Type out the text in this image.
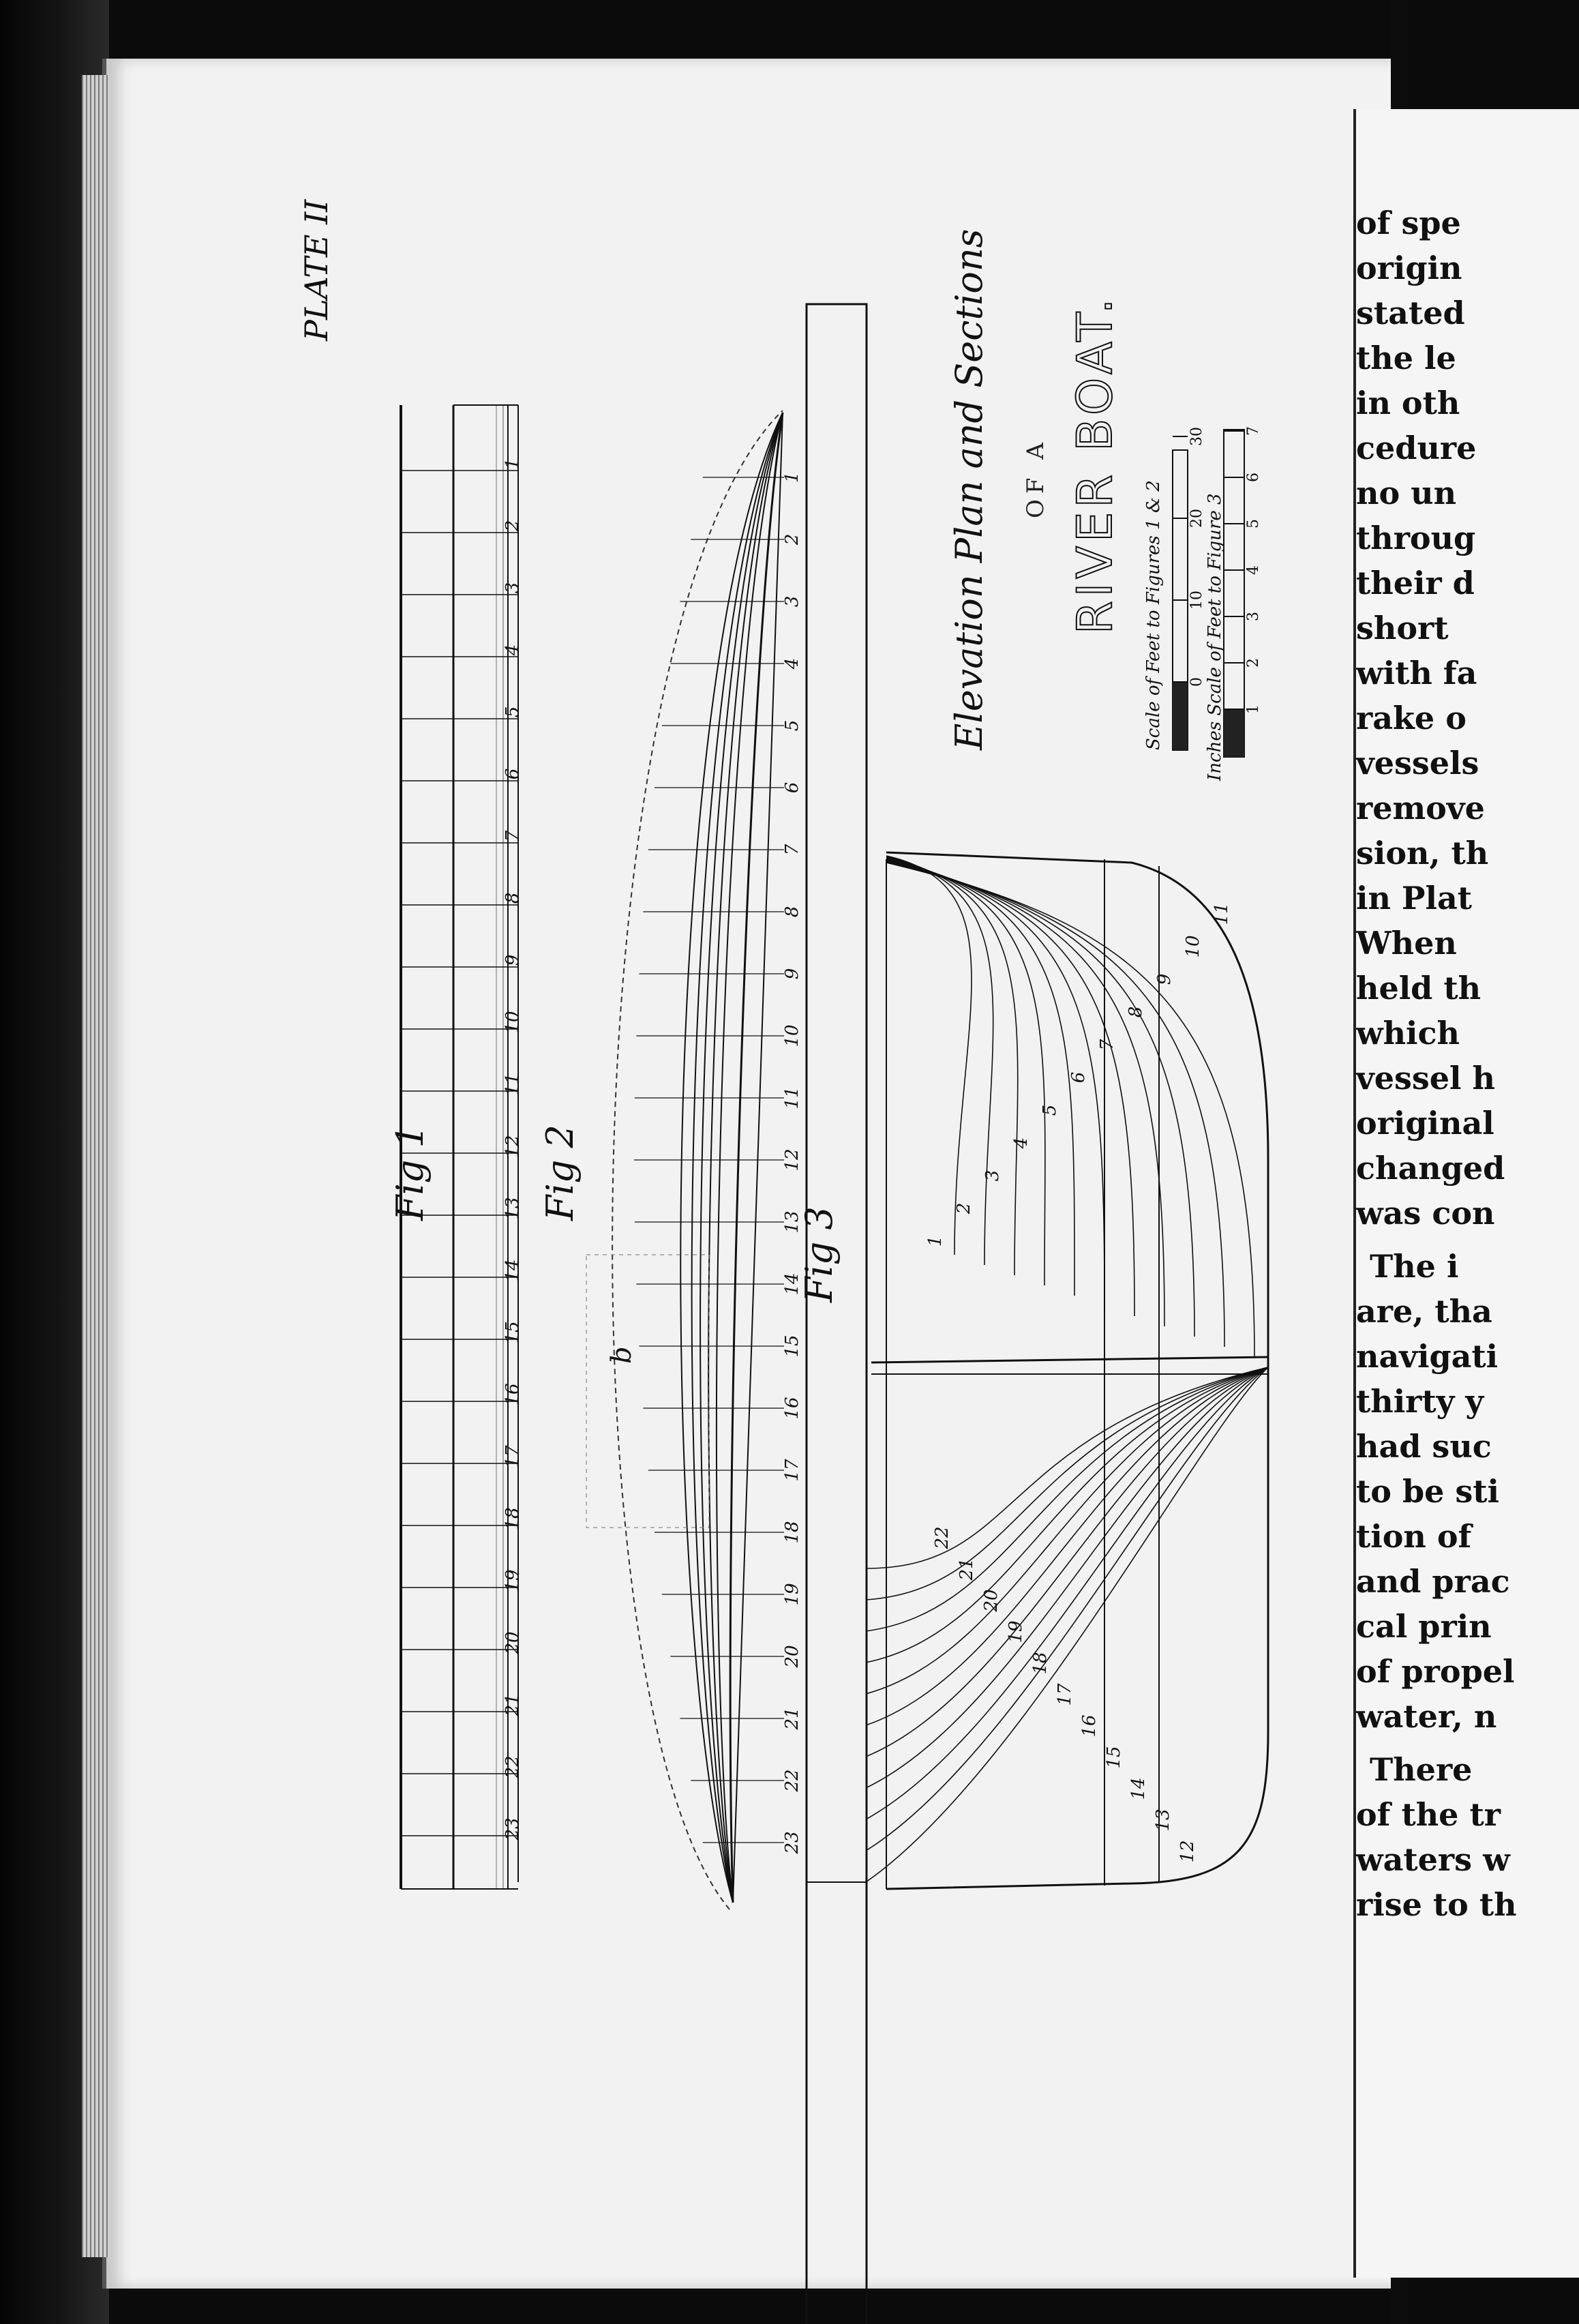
PLATE II
1
2
3
4
5
6
7
8
9
10
11
12
13
14
15
16
17
18
19
20
21
22
23
Fig 1
1
2
3
4
5
6
7
8
9
10
11
12
13
14
15
16
17
18
19
20
21
22
23
Fig 2
b
Fig 3	1
2
3
4
5
6
7
8
9
10
11
22
21
20
19
18
17
16
15
14
13
12
Elevation Plan and Sections OF A RIVER BOAT.
0
10
20
30
Scale of Feet to Figures 1 & 2	1
2
3
4
5
6
7
Inches Scale of Feet to Figure 3
of spe
origin
stated
the le
in oth
cedure
no un
throug
their d
short
with fa
rake o
vessels
remove
sion, th
in Plat
When
held th
which
vessel h
original
changed
was con
The i
are, tha
navigati
thirty y
had suc
to be sti
tion of
and prac
cal prin
of propel
water, n
There
of the tr
waters w
rise to th
